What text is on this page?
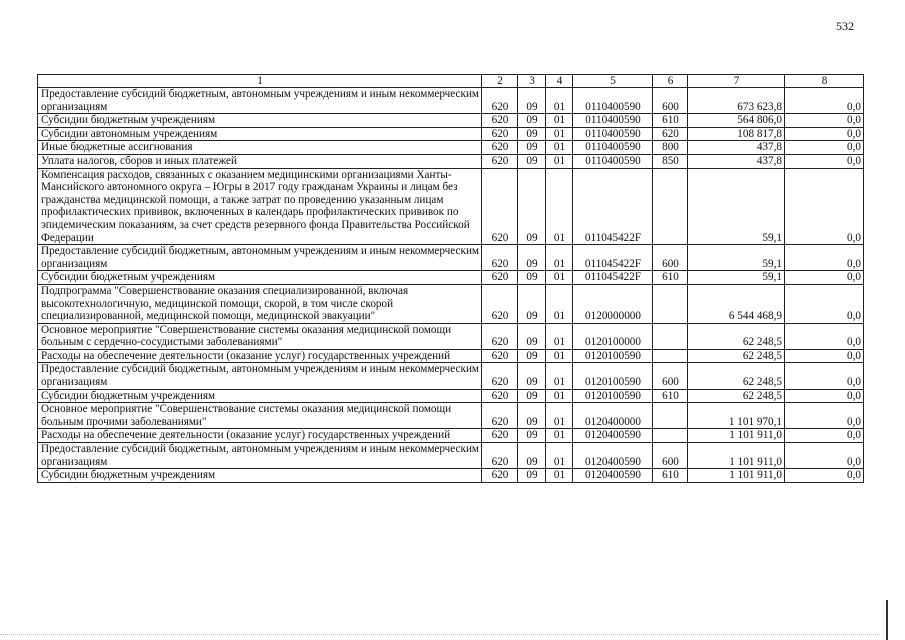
532
1	2	3	4	5	6	7	8
Предоставление субсидий бюджетным, автономным учреждениям и иным некоммерческим организациям	620	09	01	0110400590	600	673 623,8	0,0
Субсидии бюджетным учреждениям	620	09	01	0110400590	610	564 806,0	0,0
Субсидии автономным учреждениям	620	09	01	0110400590	620	108 817,8	0,0
Иные бюджетные ассигнования	620	09	01	0110400590	800	437,8	0,0
Уплата налогов, сборов и иных платежей	620	09	01	0110400590	850	437,8	0,0
Компенсация расходов, связанных с оказанием медицинскими организациями Ханты-Мансийского автономного округа – Югры в 2017 году гражданам Украины и лицам без гражданства медицинской помощи, а также затрат по проведению указанным лицам профилактических прививок, включенных в календарь профилактических прививок по эпидемическим показаниям, за счет средств резервного фонда Правительства Российской Федерации	620	09	01	011045422F		59,1	0,0
Предоставление субсидий бюджетным, автономным учреждениям и иным некоммерческим организациям	620	09	01	011045422F	600	59,1	0,0
Субсидии бюджетным учреждениям	620	09	01	011045422F	610	59,1	0,0
Подпрограмма "Совершенствование оказания специализированной, включая высокотехнологичную, медицинской помощи, скорой, в том числе скорой специализированной, медицинской помощи, медицинской эвакуации"	620	09	01	0120000000		6 544 468,9	0,0
Основное мероприятие "Совершенствование системы оказания медицинской помощи больным с сердечно-сосудистыми заболеваниями"	620	09	01	0120100000		62 248,5	0,0
Расходы на обеспечение деятельности (оказание услуг) государственных учреждений	620	09	01	0120100590		62 248,5	0,0
Предоставление субсидий бюджетным, автономным учреждениям и иным некоммерческим организациям	620	09	01	0120100590	600	62 248,5	0,0
Субсидии бюджетным учреждениям	620	09	01	0120100590	610	62 248,5	0,0
Основное мероприятие "Совершенствование системы оказания медицинской помощи больным прочими заболеваниями"	620	09	01	0120400000		1 101 970,1	0,0
Расходы на обеспечение деятельности (оказание услуг) государственных учреждений	620	09	01	0120400590		1 101 911,0	0,0
Предоставление субсидий бюджетным, автономным учреждениям и иным некоммерческим организациям	620	09	01	0120400590	600	1 101 911,0	0,0
Субсидии бюджетным учреждениям	620	09	01	0120400590	610	1 101 911,0	0,0
